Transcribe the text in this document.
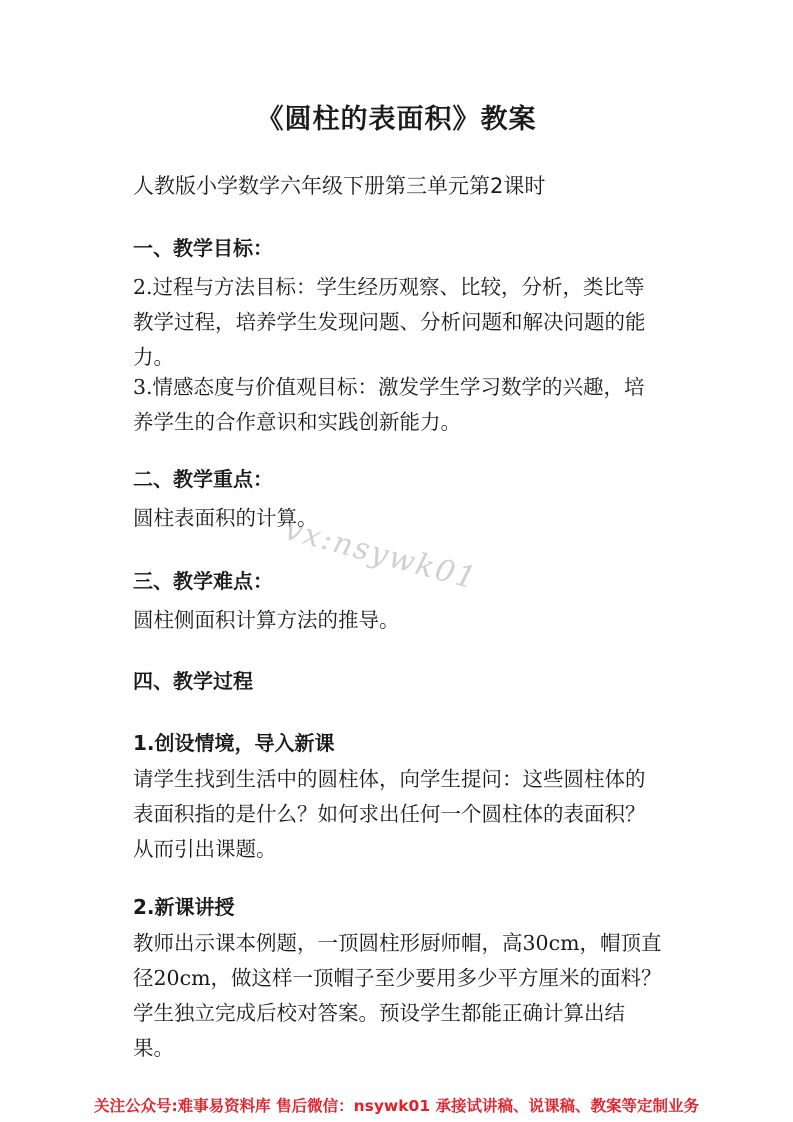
《圆柱的表面积》教案
人教版小学数学六年级下册第三单元第2课时
一、教学目标：
2.过程与方法目标：学生经历观察、比较，分析，类比等
教学过程，培养学生发现问题、分析问题和解决问题的能
力。
3.情感态度与价值观目标：激发学生学习数学的兴趣，培
养学生的合作意识和实践创新能力。
二、教学重点：
圆柱表面积的计算。
三、教学难点：
圆柱侧面积计算方法的推导。
四、教学过程
1.创设情境，导入新课
请学生找到生活中的圆柱体，向学生提问：这些圆柱体的
表面积指的是什么？如何求出任何一个圆柱体的表面积？
从而引出课题。
2.新课讲授
教师出示课本例题，一顶圆柱形厨师帽，高30cm，帽顶直
径20cm，做这样一顶帽子至少要用多少平方厘米的面料？
学生独立完成后校对答案。预设学生都能正确计算出结
果。
vx:nsywk01
关注公众号:难事易资料库 售后微信：nsywk01 承接试讲稿、说课稿、教案等定制业务
